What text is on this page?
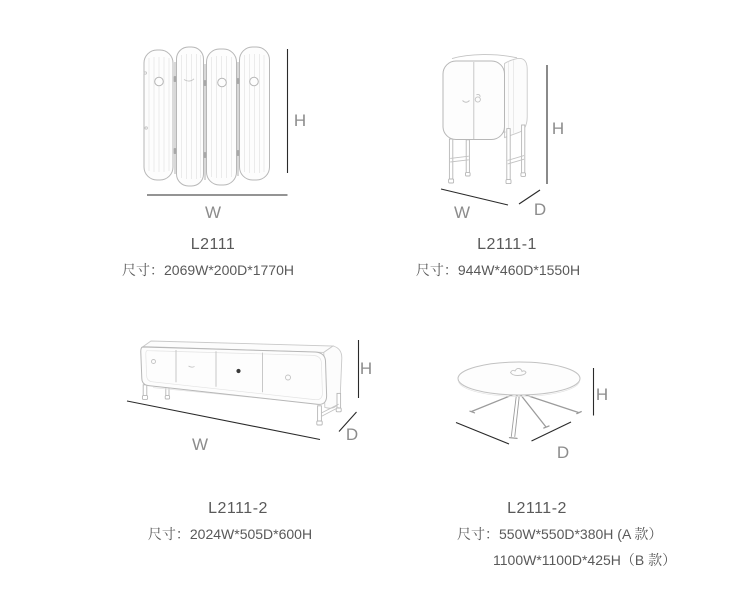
H
W
L2111
尺寸：2069W*200D*1770H
H
W	D
L2111-1
尺寸：944W*460D*1550H
H
W
D
L2111-2
尺寸：2024W*505D*600H
H
D
L2111-2
尺寸：550W*550D*380H (A 款）
1100W*1100D*425H（B 款）
